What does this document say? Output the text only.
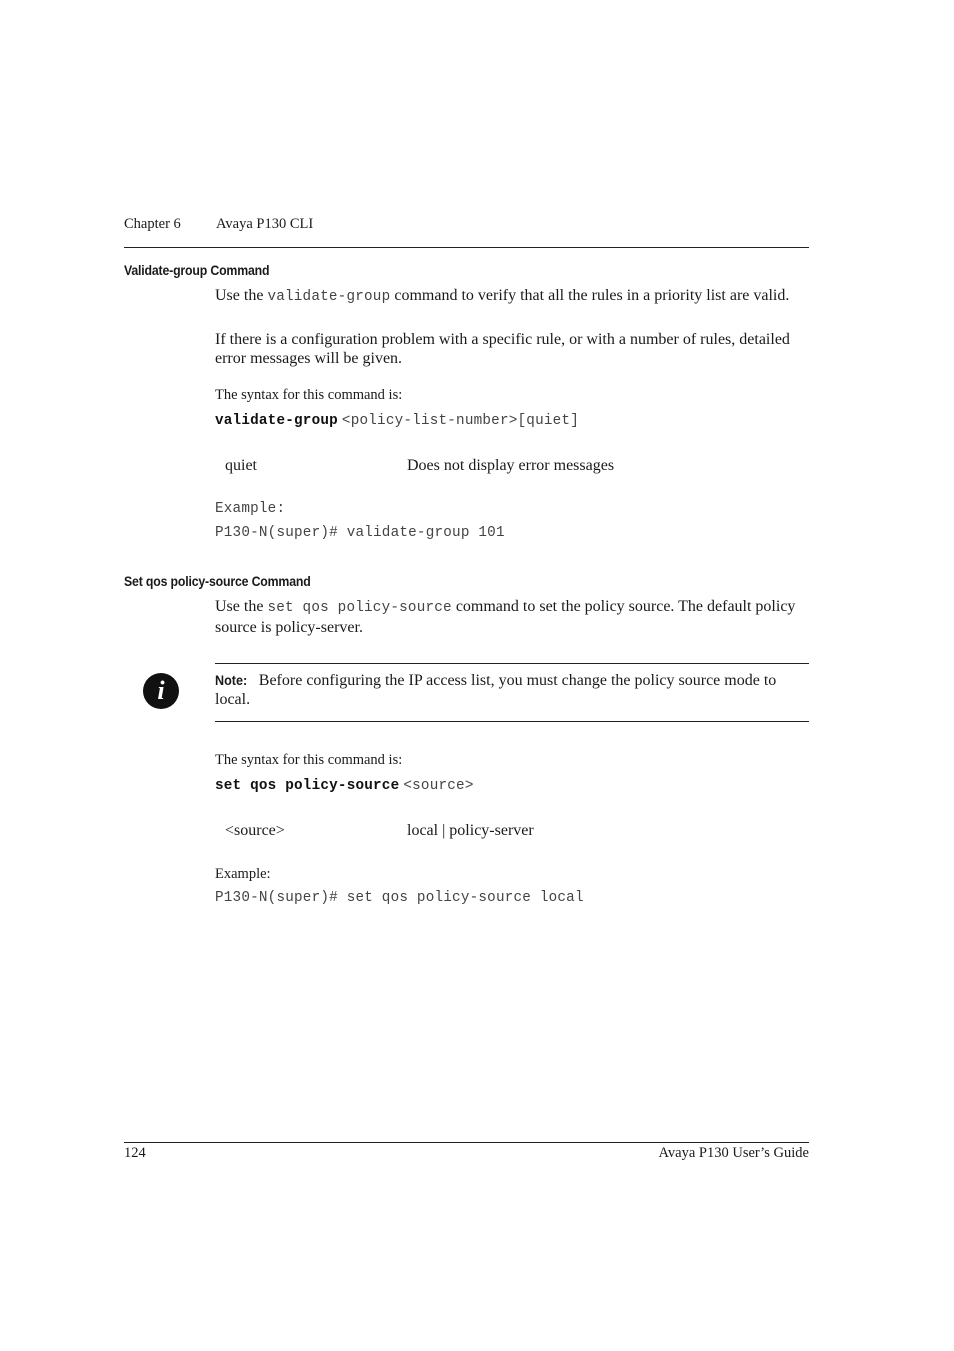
Chapter 6 Avaya P130 CLI
Validate-group Command
Use the validate-group command to verify that all the rules in a priority list are valid.
If there is a configuration problem with a specific rule, or with a number of rules, detailed error messages will be given.
The syntax for this command is:
validate-group <policy-list-number>[quiet]
quiet	Does not display error messages
Example:
P130-N(super)# validate-group 101
Set qos policy-source Command
Use the set qos policy-source command to set the policy source. The default policy source is policy-server.
i	Note: Before configuring the IP access list, you must change the policy source mode to local.
The syntax for this command is:
set qos policy-source <source>
<source>	local | policy-server
Example:
P130-N(super)# set qos policy-source local
124	Avaya P130 User’s Guide
